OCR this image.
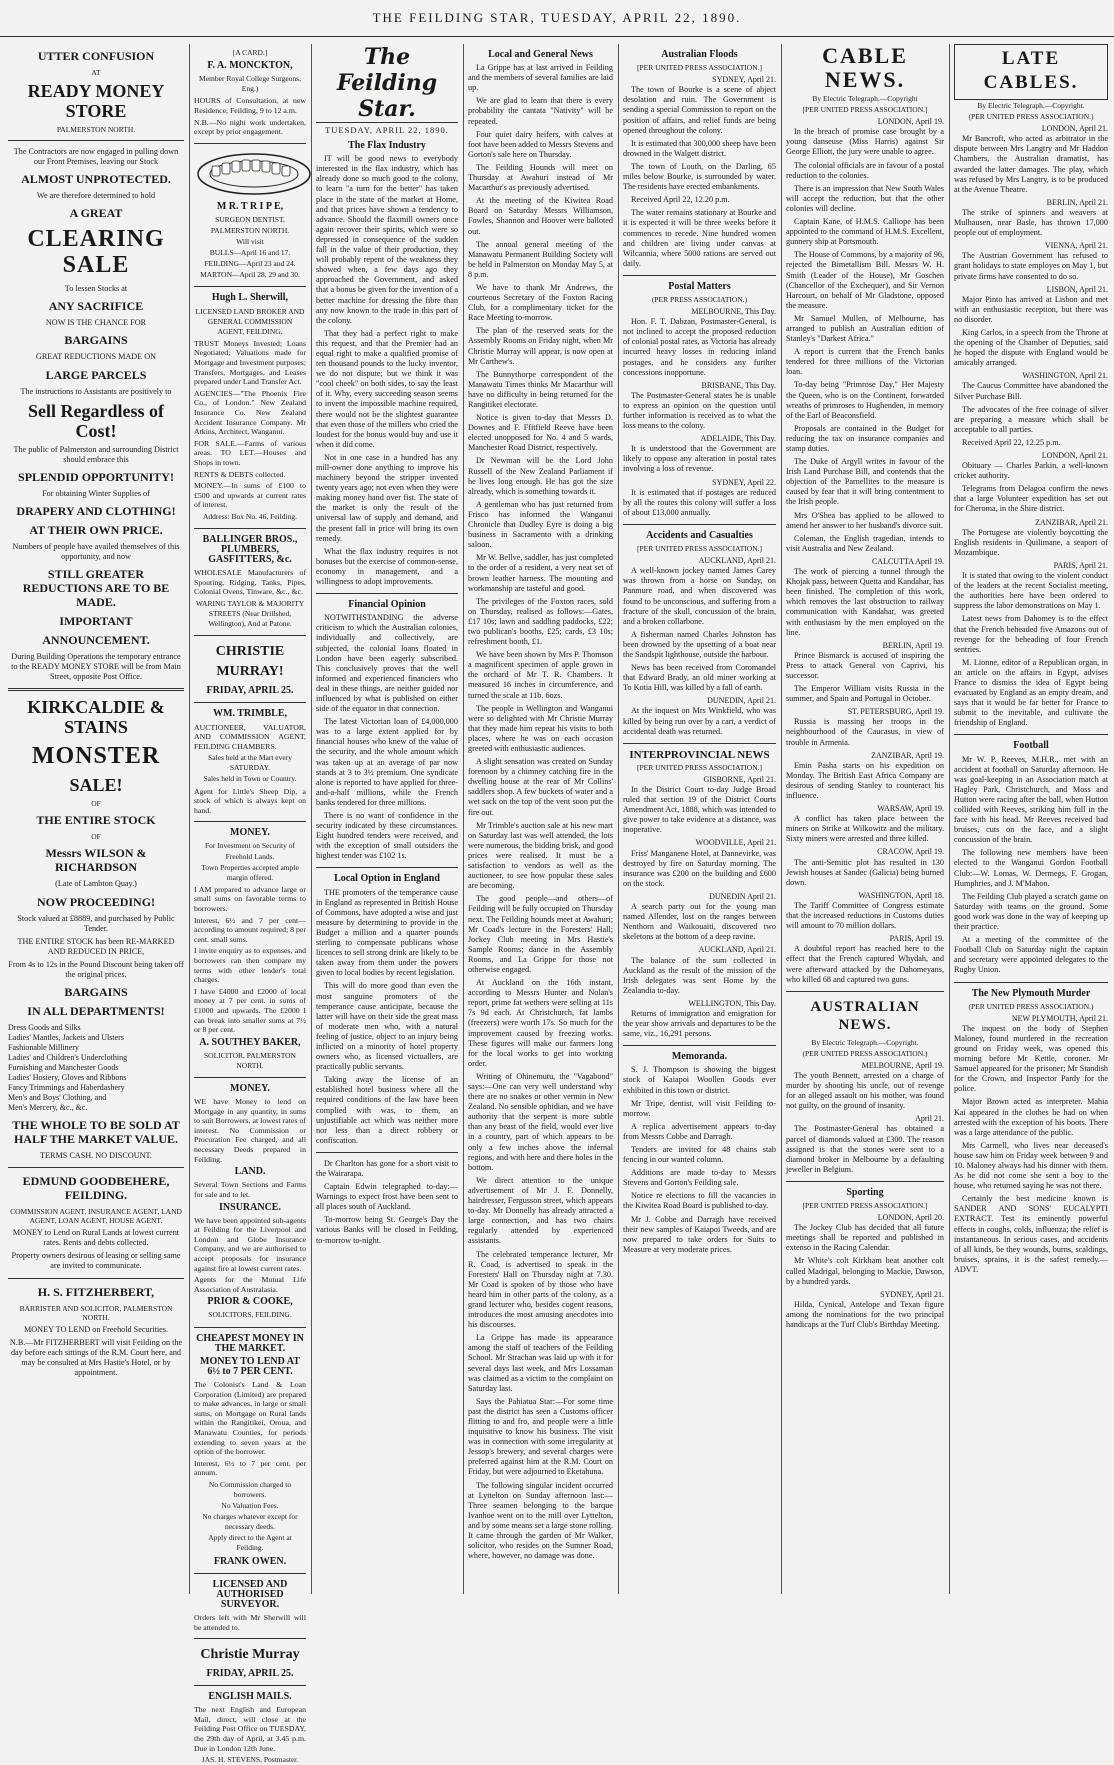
THE FEILDING STAR, TUESDAY, APRIL 22, 1890.
UTTER CONFUSION
AT
READY MONEY STORE
PALMERSTON NORTH.
The Contractors are now engaged in pulling down our Front Premises, leaving our Stock
ALMOST UNPROTECTED.
We are therefore determined to hold
A GREAT
CLEARING SALE
To lessen Stocks at
ANY SACRIFICE
NOW IS THE CHANCE FOR
BARGAINS
GREAT REDUCTIONS MADE ON
LARGE PARCELS
The instructions to Assistants are positively to
Sell Regardless of Cost!
The public of Palmerston and surrounding District should embrace this
SPLENDID OPPORTUNITY!
For obtaining Winter Supplies of
DRAPERY AND CLOTHING!
AT THEIR OWN PRICE.
Numbers of people have availed themselves of this opportunity, and now
STILL GREATER REDUCTIONS ARE TO BE MADE.
IMPORTANT
ANNOUNCEMENT.
During Building Operations the temporary entrance to the READY MONEY STORE will be from Main Street, opposite Post Office.
KIRKCALDIE & STAINS
MONSTER
SALE!
OF
THE ENTIRE STOCK
OF
Messrs WILSON & RICHARDSON
(Late of Lambton Quay.)
NOW PROCEEDING!
Stock valued at £8889, and purchased by Public Tender.
THE ENTIRE STOCK has been RE-MARKED AND REDUCED IN PRICE,
From 4s to 12s in the Pound Discount being taken off the original prices.
BARGAINS
IN ALL DEPARTMENTS!
Dress Goods and Silks
Ladies' Mantles, Jackets and Ulsters
Fashionable Millinery
Ladies' and Children's Underclothing
Furnishing and Manchester Goods
Ladies' Hosiery, Gloves and Ribbons
Fancy Trimmings and Haberdashery
Men's and Boys' Clothing, and
Men's Mercery, &c., &c.
THE WHOLE TO BE SOLD AT HALF THE MARKET VALUE.
TERMS CASH. NO DISCOUNT.
EDMUND GOODBEHERE, FEILDING.
COMMISSION AGENT, INSURANCE AGENT, LAND AGENT, LOAN AGENT, HOUSE AGENT.
MONEY to Lend on Rural Lands at lowest current rates. Rents and debts collected.
Property owners desirous of leasing or selling same are invited to communicate.
H. S. FITZHERBERT,
BARRISTER AND SOLICITOR, PALMERSTON NORTH.
MONEY TO LEND on Freehold Securities.
N.B.—Mr FITZHERBERT will visit Feilding on the day before each sittings of the R.M. Court here, and may be consulted at Mrs Hastie's Hotel, or by appointment.
[A CARD.]
F. A. MONCKTON,
Member Royal College Surgeons, Eng.)

HOURS of Consultation, at new Residence, Feilding, 9 to 12 a.m.

N.B.—No night work undertaken, except by prior engagement.

M R. T R I P E,
SURGEON DENTIST,
PALMERSTON NORTH.
Will visit
BULLS—April 16 and 17.
FEILDING—April 23 and 24.
MARTON—April 28, 29 and 30.
Hugh L. Sherwill,
LICENSED LAND BROKER AND GENERAL COMMISSION AGENT, FEILDING.

TRUST Moneys Invested; Loans Negotiated; Valuations made for Mortgage and Investment purposes; Transfers, Mortgages, and Leases prepared under Land Transfer Act.

AGENCIES—"The Phoenix Fire Co., of London." New Zealand Insurance Co. New Zealand Accident Insurance Company. Mr Atkins, Architect, Wanganui.

FOR SALE.—Farms of various areas. TO LET.—Houses and Shops in town.

RENTS & DEBTS collected.

MONEY.—In sums of £100 to £500 and upwards at current rates of interest.

Address: Box No. 46, Feilding.
BALLINGER BROS., PLUMBERS, GASFITTERS, &c.

WHOLESALE Manufacturers of Spouting, Ridging, Tanks, Pipes, Colonial Ovens, Tinware, &c., &c.

WARING TAYLOR & MAJORITY STREETS (Near Drillshed, Wellington), And at Patone.
CHRISTIE MURRAY!
FRIDAY, APRIL 25.
WM. TRIMBLE,

AUCTIONEER, VALUATOR, AND COMMISSION AGENT, FEILDING CHAMBERS.

Sales held at the Mart every SATURDAY.
Sales held in Town or Country.

Agent for Little's Sheep Dip, a stock of which is always kept on hand.

MONEY.
For Investment on Security of Freehold Lands.
Town Properties accepted ample margin offered.

I AM prepared to advance large or small sums on favorable terms to borrowers.

Interest, 6½ and 7 per cent—according to amount required; 8 per cent. small sums.

I invite enquiry as to expenses, and borrowers can then compare my terms with other lender's total charges.

I have £4000 and £2000 of local money at 7 per cent. in sums of £1000 and upwards. The £2000 I can break into smaller sums at 7½ or 8 per cent.

A. SOUTHEY BAKER,
SOLICITOR, PALMERSTON NORTH.
MONEY.

WE have Money to lend on Mortgage in any quantity, in sums to suit Borrowers, at lowest rates of interest. No Commission or Procuration Fee charged, and all necessary Deeds prepared in Feilding.

LAND.

Several Town Sections and Farms for sale and to let.

INSURANCE.

We have been appointed sub-agents at Feilding for the Liverpool and London and Globe Insurance Company, and we are authorised to accept proposals for insurance against fire at lowest current rates.

Agents for the Mutual Life Association of Australasia.

PRIOR & COOKE,
SOLICITORS, FEILDING.
CHEAPEST MONEY IN THE MARKET.
MONEY TO LEND AT 6½ to 7 PER CENT.

The Colonist's Land & Loan Corporation (Limited) are prepared to make advances, in large or small sums, on Mortgage on Rural lands within the Rangitikei, Oroua, and Manawatu Counties, for periods extending to seven years at the option of the borrower.

Interest, 6½ to 7 per cent. per annum.

No Commission charged to borrowers.
No Valuation Fees.
No charges whatever except for necessary deeds.
Apply direct to the Agent at Feilding.
FRANK OWEN.
LICENSED AND AUTHORISED SURVEYOR.

Orders left with Mr Sherwill will be attended to.

Christie Murray
FRIDAY, APRIL 25.
ENGLISH MAILS.

The next English and European Mail, direct, will close at the Feilding Post Office on TUESDAY, the 29th day of April, at 3.45 p.m. Due in London 12th June.

JAS. H. STEVENS, Postmaster.
The Feilding Star.
TUESDAY, APRIL 22, 1890.
The Flax Industry

IT will be good news to everybody interested in the flax industry, which has already done so much good to the colony, to learn "a turn for the better" has taken place in the state of the market at Home, and that prices have shown a tendency to advance. Should the flaxmill owners once again recover their spirits, which were so depressed in consequence of the sudden fall in the value of their production, they will probably repent of the weakness they showed when, a few days ago they approached the Government, and asked that a bonus be given for the invention of a better machine for dressing the fibre than any now known to the trade in this part of the colony.

That they had a perfect right to make this request, and that the Premier had an equal right to make a qualified promise of ten thousand pounds to the lucky inventor, we do not dispute; but we think it was "cool cheek" on both sides, to say the least of it. Why, every succeeding season seems to invent the impossible machine required, there would not be the slightest guarantee that even those of the millers who cried the loudest for the bonus would buy and use it when it did come.

Not in one case in a hundred has any mill-owner done anything to improve his machinery beyond the stripper invented twenty years ago; not even when they were making money hand over fist. The state of the market is only the result of the universal law of supply and demand, and the present fall in price will bring its own remedy.

What the flax industry requires is not bonuses but the exercise of common-sense, economy in management, and a willingness to adopt improvements.

Financial Opinion

NOTWITHSTANDING the adverse criticism to which the Australian colonies, individually and collectively, are subjected, the colonial loans floated in London have been eagerly subscribed. This conclusively proves that the well informed and experienced financiers who deal in these things, are neither guided nor influenced by what is published on either side of the equator in that connection.

The latest Victorian loan of £4,000,000 was to a large extent applied for by financial houses who knew of the value of the security, and the whole amount which was taken up at an average of par now stands at 3 to 3½ premium. One syndicate alone is reported to have applied for three-and-a-half millions, while the French banks tendered for three millions.

There is no want of confidence in the security indicated by these circumstances. Eight hundred tenders were received, and with the exception of small outsiders the highest tender was £102 1s.

Local Option in England

THE promoters of the temperance cause in England as represented in British House of Commons, have adopted a wise and just measure by determining to provide in the Budget a million and a quarter pounds sterling to compensate publicans whose licences to sell strong drink are likely to be taken away from them under the powers given to local bodies by recent legislation.

This will do more good than even the most sanguine promoters of the temperance cause anticipate, because the latter will have on their side the great mass of moderate men who, with a natural feeling of justice, object to an injury being inflicted on a minority of hotel property owners who, as licensed victuallers, are practically public servants.

Taking away the license of an established hotel business where all the required conditions of the law have been complied with was, to them, an unjustifiable act which was neither more nor less than a direct robbery or confiscation.

Dr Charlton has gone for a short visit to the Wairarapa.

Captain Edwin telegraphed to-day:—Warnings to expect frost have been sent to all places south of Auckland.

To-morrow being St. George's Day the various Banks will be closed in Feilding, to-morrow to-night.

Local and General News

La Grippe has at last arrived in Feilding and the members of several families are laid up.

We are glad to learn that there is every probability the cantata "Nativity" will be repeated.

Four quiet dairy heifers, with calves at foot have been added to Messrs Stevens and Gorton's sale here on Thursday.

The Feilding Hounds will meet on Thursday at Awahuri instead of Mr Macarthur's as previously advertised.

At the meeting of the Kiwitea Road Board on Saturday Messrs Williamson, Fowles, Shannon and Hoover were balloted out.

The annual general meeting of the Manawatu Permanent Building Society will be held in Palmerston on Monday May 5, at 8 p.m.

We have to thank Mr Andrews, the courteous Secretary of the Foxton Racing Club, for a complimentary ticket for the Race Meeting to-morrow.

The plan of the reserved seats for the Assembly Rooms on Friday night, when Mr Christie Murray will appear, is now open at Mr Carthew's.

The Bunnythorpe correspondent of the Manawatu Times thinks Mr Macarthur will have no difficulty in being returned for the Rangitikei electorate.

Notice is given to-day that Messrs D. Downes and F. Ffitfield Reeve have been elected unopposed for No. 4 and 5 wards, Manchester Road District, respectively.

Dr Newman will be the Lord John Russell of the New Zealand Parliament if he lives long enough. He has got the size already, which is something towards it.

A gentleman who has just returned from Frisco has informed the Wanganui Chronicle that Dudley Eyre is doing a big business in Sacramento with a drinking saloon.

Mr W. Bellve, saddler, has just completed to the order of a resident, a very neat set of brown leather harness. The mounting and workmanship are tasteful and good.

The privileges of the Foxton races, sold on Thursday, realised as follows:—Gates, £17 10s; lawn and saddling paddocks, £22; two publican's booths, £25; cards, £3 10s; refreshment booth, £1.

We have been shown by Mrs P. Thomson a magnificent specimen of apple grown in the orchard of Mr T. R. Chambers. It measured 16 inches in circumference, and turned the scale at 11b. 6ozs.

The people in Wellington and Wanganui were so delighted with Mr Christie Murray that they made him repeat his visits to both places, where he was on each occasion greeted with enthusiastic audiences.

A slight sensation was created on Sunday forenoon by a chimney catching fire in the dwelling house at the rear of Mr Collins' saddlers shop. A few buckets of water and a wet sack on the top of the vent soon put the fire out.

Mr Trimble's auction sale at his new mart on Saturday last was well attended, the lots were numerous, the bidding brisk, and good prices were realised. It must be a satisfaction to vendors as well as the auctioneer, to see how popular these sales are becoming.

The good people—and others—of Feilding will be fully occupied on Thursday next. The Feilding hounds meet at Awahuri; Mr Coad's lecture in the Foresters' Hall; Jockey Club meeting in Mrs Hastie's Sample Rooms; dance in the Assembly Rooms, and La Grippe for those not otherwise engaged.

At Auckland on the 16th instant, according to Messrs Hunter and Nolan's report, prime fat wethers were selling at 11s 7s 9d each. At Christchurch, fat lambs (freezers) were worth 17s. So much for the improvement caused by freezing works. These figures will make our farmers long for the local works to get into working order.

Writing of Ohinemutu, the "Vagabond" says:—One can very well understand why there are no snakes or other vermin in New Zealand. No sensible ophidian, and we have authority that the serpent is more subtle than any beast of the field, would ever live in a country, part of which appears to be only a few inches above the infernal regions, and with here and there holes in the bottom.

We direct attention to the unique advertisement of Mr J. F. Donnelly, hairdresser, Fergusson street, which appears to-day. Mr Donnelly has already attracted a large connection, and has two chairs regularly attended by experienced assistants.

The celebrated temperance lecturer, Mr R. Coad, is advertised to speak in the Foresters' Hall on Thursday night at 7.30. Mr Coad is spoken of by those who have heard him in other parts of the colony, as a grand lecturer who, besides cogent reasons, introduces the most amusing anecdotes into his discourses.

La Grippe has made its appearance among the staff of teachers of the Feilding School. Mr Strachan was laid up with it for several days last week, and Mrs Lossaman was claimed as a victim to the complaint on Saturday last.

Says the Pahiatua Star:—For some time past the district has seen a Customs officer flitting to and fro, and people were a little inquisitive to know his business. The visit was in connection with some irregularity at Jessop's brewery, and several charges were preferred against him at the R.M. Court on Friday, but were adjourned to Eketahuna.

The following singular incident occurred at Lyttelton on Sunday afternoon last:—Three seamen belonging to the barque Ivanhoe went on to the mill over Lyttelton, and by some means set a large stone rolling. It came through the garden of Mr Walker, solicitor, who resides on the Sumner Road, where, however, no damage was done.

Australian Floods
[PER UNITED PRESS ASSOCIATION.]
SYDNEY, April 21.

The town of Bourke is a scene of abject desolation and ruin. The Government is sending a special Commission to report on the position of affairs, and relief funds are being opened throughout the colony.

It is estimated that 300,000 sheep have been drowned in the Walgett district.

The town of Louth, on the Darling, 65 miles below Bourke, is surrounded by water. The residents have erected embankments.

Received April 22, 12.20 p.m.

The water remains stationary at Bourke and it is expected it will be three weeks before it commences to recede. Nine hundred women and children are living under canvas at Wilcannia, where 5000 rations are served out daily.

Postal Matters
(PER PRESS ASSOCIATION.)
MELBOURNE, This Day.

Hon. F. T. Dabzan, Postmaster-General, is not inclined to accept the proposed reduction of colonial postal rates, as Victoria has already incurred heavy losses in reducing inland postages, and he considers any further concessions inopportune.

BRISBANE, This Day.

The Postmaster-General states he is unable to express an opinion on the question until further information is received as to what the loss means to the colony.

ADELAIDE, This Day.

It is understood that the Government are likely to oppose any alteration in postal rates involving a loss of revenue.

SYDNEY, April 22.

It is estimated that if postages are reduced by all the routes this colony will suffer a loss of about £13,000 annually.

Accidents and Casualties
[PER UNITED PRESS ASSOCIATION.]
AUCKLAND, April 21.

A well-known jockey named James Carey was thrown from a horse on Sunday, on Panmure road, and when discovered was found to be unconscious, and suffering from a fracture of the skull, concussion of the brain, and a broken collarbone.

A fisherman named Charles Johnston has been drowned by the upsetting of a boat near the Sandspit lighthouse, outside the harbour.

News has been received from Coromandel that Edward Brady, an old miner working at To Kotia Hill, was killed by a fall of earth.

DUNEDIN, April 21.

At the inquest on Mrs Winkfield, who was killed by being run over by a cart, a verdict of accidental death was returned.

INTERPROVINCIAL NEWS
[PER UNITED PRESS ASSOCIATION.]
GISBORNE, April 21.

In the District Court to-day Judge Broad ruled that section 19 of the District Courts Amendment Act, 1888, which was intended to give power to take evidence at a distance, was inoperative.

WOODVILLE, April 21.

Friss' Manganene Hotel, at Dannevirke, was destroyed by fire on Saturday morning. The insurance was £200 on the building and £600 on the stock.

DUNEDIN April 21.

A search party out for the young man named Allender, lost on the ranges between Nenthorn and Waikouaiti, discovered two skeletons at the bottom of a deep ravine.

AUCKLAND, April 21.

The balance of the sum collected in Auckland as the result of the mission of the Irish delegates was sent Home by the Zealandia to-day.

WELLINGTON, This Day.

Returns of immigration and emigration for the year show arrivals and departures to be the same, viz., 16,291 persons.

Memoranda.

S. J. Thompson is showing the biggest stock of Kaiapoi Woollen Goods ever exhibited in this town or district.

Mr Tripe, dentist, will visit Feilding to-morrow.

A replica advertisement appears to-day from Messrs Cobbe and Darragh.

Tenders are invited for 48 chains stab fencing in our wanted column.

Additions are made to-day to Messrs Stevens and Gorton's Feilding sale.

Notice re elections to fill the vacancies in the Kiwitea Road Board is published to-day.

Mr J. Cobbe and Darragh have received their new samples of Kaiapoi Tweeds, and are now prepared to take orders for Suits to Measure at very moderate prices.

CABLE NEWS.
By Electric Telegraph.—Copyright
[PER UNITED PRESS ASSOCIATION.]
LONDON, April 19.

In the breach of promise case brought by a young danseuse (Miss Harris) against Sir George Elliott, the jury were unable to agree.

The colonial officials are in favour of a postal reduction to the colonies.

There is an impression that New South Wales will accept the reduction, but that the other colonies will decline.

Captain Kane, of H.M.S. Calliope has been appointed to the command of H.M.S. Excellent, gunnery ship at Portsmouth.

The House of Commons, by a majority of 96, rejected the Bimetallism Bill. Messrs W. H. Smith (Leader of the House), Mr Goschen (Chancellor of the Exchequer), and Sir Vernon Harcourt, on behalf of Mr Gladstone, opposed the measure.

Mr Samuel Mullen, of Melbourne, has arranged to publish an Australian edition of Stanley's "Darkest Africa."

A report is current that the French banks tendered for three millions of the Victorian loan.

To-day being "Primrose Day," Her Majesty the Queen, who is on the Continent, forwarded wreaths of primroses to Hughenden, in memory of the Earl of Beaconsfield.

Proposals are contained in the Budget for reducing the tax on insurance companies and stamp duties.

The Duke of Argyll writes in favour of the Irish Land Purchase Bill, and contends that the objection of the Parnellites to the measure is caused by fear that it will bring contentment to the Irish people.

Mrs O'Shea has applied to be allowed to amend her answer to her husband's divorce suit.

Coleman, the English tragedian, intends to visit Australia and New Zealand.

CALCUTTA April 19.

The work of piercing a tunnel through the Khojak pass, between Quetta and Kandahar, has been finished. The completion of this work, which removes the last obstruction to railway communication with Kandahar, was greeted with enthusiasm by the men employed on the line.

BERLIN, April 19.

Prince Bismarck is accused of inspiring the Press to attack General von Caprivi, his successor.

The Emperor William visits Russia in the summer, and Spain and Portugal in October.

ST. PETERSBURG, April 19.

Russia is massing her troops in the neighbourhood of the Caucasus, in view of trouble in Armenia.

ZANZIBAR, April 19.

Emin Pasha starts on his expedition on Monday. The British East Africa Company are desirous of sending Stanley to counteract his influence.

WARSAW, April 19.

A conflict has taken place between the miners on Strike at Wilkowitz and the military. Sixty miners were arrested and three killed.

CRACOW, April 19.

The anti-Semitic plot has resulted in 130 Jewish houses at Sandec (Galicia) being burned down.

WASHINGTON, April 18.

The Tariff Committee of Congress estimate that the increased reductions in Customs duties will amount to 70 million dollars.

PARIS, April 19.

A doubtful report has reached here to the effect that the French captured Whydah, and were afterward attacked by the Dahomeyans, who killed 68 and captured two guns.

AUSTRALIAN NEWS.
By Electric Telegraph.—Copyright.
(PER UNITED PRESS ASSOCIATION.)
MELBOURNE, April 19.

The youth Bennett, arrested on a charge of murder by shooting his uncle, out of revenge for an alleged assault on his mother, was found not guilty, on the ground of insanity.

April 21.

The Postmaster-General has obtained a parcel of diamonds valued at £300. The reason assigned is that the stones were sent to a diamond broker in Melbourne by a defaulting jeweller in Belgium.

Sporting
[PER UNITED PRESS ASSOCIATION.]
LONDON, April 20.

The Jockey Club has decided that all future meetings shall be reported and published in extenso in the Racing Calendar.

Mr White's colt Kirkham beat another colt called Madrigal, belonging to Mackie, Dawson, by a hundred yards.

SYDNEY, April 21.

Hilda, Cynical, Antelope and Texan figure among the nominations for the two principal handicaps at the Turf Club's Birthday Meeting.

LATE CABLES.
By Electric Telegraph.—Copyright.
(PER UNITED PRESS ASSOCIATION.)
LONDON, April 21.

Mr Bancroft, who acted as arbitrator in the dispute between Mrs Langtry and Mr Haddon Chambers, the Australian dramatist, has awarded the latter damages. The play, which was refused by Mrs Langtry, is to be produced at the Avenue Theatre.

BERLIN, April 21.

The strike of spinners and weavers at Mulhausen, near Basle, has thrown 17,000 people out of employment.

VIENNA, April 21.

The Austrian Government has refused to grant holidays to state employes on May 1, but private firms have consented to do so.

LISBON, April 21.

Major Pinto has arrived at Lisbon and met with an enthusiastic reception, but there was no disorder.

King Carlos, in a speech from the Throne at the opening of the Chamber of Deputies, said he hoped the dispute with England would be amicably arranged.

WASHINGTON, April 21.

The Caucus Committee have abandoned the Silver Purchase Bill.

The advocates of the free coinage of silver are preparing a measure which shall be acceptable to all parties.

Received April 22, 12.25 p.m.

LONDON, April 21.

Obituary — Charles Parkin, a well-known cricket authority.

Telegrams from Delagoa confirm the news that a large Volunteer expedition has set out for Cheroma, in the Shire district.

ZANZIBAR, April 21.

The Portugese are violently boycotting the English residents in Quilimane, a seaport of Mozambique.

PARIS, April 21.

It is stated that owing to the violent conduct of the leaders at the recent Socialist meeting, the authorities here have been ordered to suppress the labor demonstrations on May 1.

Latest news from Dahomey is to the effect that the French beheaded five Amazons out of revenge for the beheading of four French sentries.

M. Lionne, editor of a Republican organ, in an article on the affairs in Egypt, advises France to dismiss the idea of Egypt being evacuated by England as an empty dream, and says that it would be far better for France to submit to the inevitable, and cultivate the friendship of England.

Football

Mr W. P. Reeves, M.H.R., met with an accident at football on Saturday afternoon. He was goal-keeping in an Association match at Hagley Park, Christchurch, and Moss and Hutton were racing after the ball, when Hutton collided with Reeves, striking him full in the face with his head. Mr Reeves received bad bruises, cuts on the face, and a slight concussion of the brain.

The following new members have been elected to the Wanganui Gordon Football Club:—W. Lomas, W. Dermegs, F. Grogan, Humphries, and J. M'Mahon.

The Feilding Club played a scratch game on Saturday with teams on the ground. Some good work was done in the way of keeping up their practice.

At a meeting of the committee of the Football Club on Saturday night the captain and secretary were appointed delegates to the Rugby Union.

The New Plymouth Murder
(PER UNITED PRESS ASSOCIATION.)
NEW PLYMOUTH, April 21.

The inquest on the body of Stephen Maloney, found murdered in the recreation ground on Friday week, was opened this morning before Mr Kettle, coroner. Mr Samuel appeared for the prisoner; Mr Standish for the Crown, and Inspector Pardy for the police.

Major Brown acted as interpreter. Mahia Kai appeared in the clothes he had on when arrested with the exception of his boots. There was a large attendance of the public.

Mrs Carmell, who lives near deceased's house saw him on Friday week between 9 and 10. Maloney always had his dinner with them. As he did not come she sent a boy to the house, who returned saying he was not there.

Certainly the best medicine known is SANDER AND SONS' EUCALYPTI EXTRACT. Test its eminently powerful effects in coughs, colds, influenza; the relief is instantaneous. In serious cases, and accidents of all kinds, be they wounds, burns, scaldings, bruises, sprains, it is the safest remedy.—ADVT.
